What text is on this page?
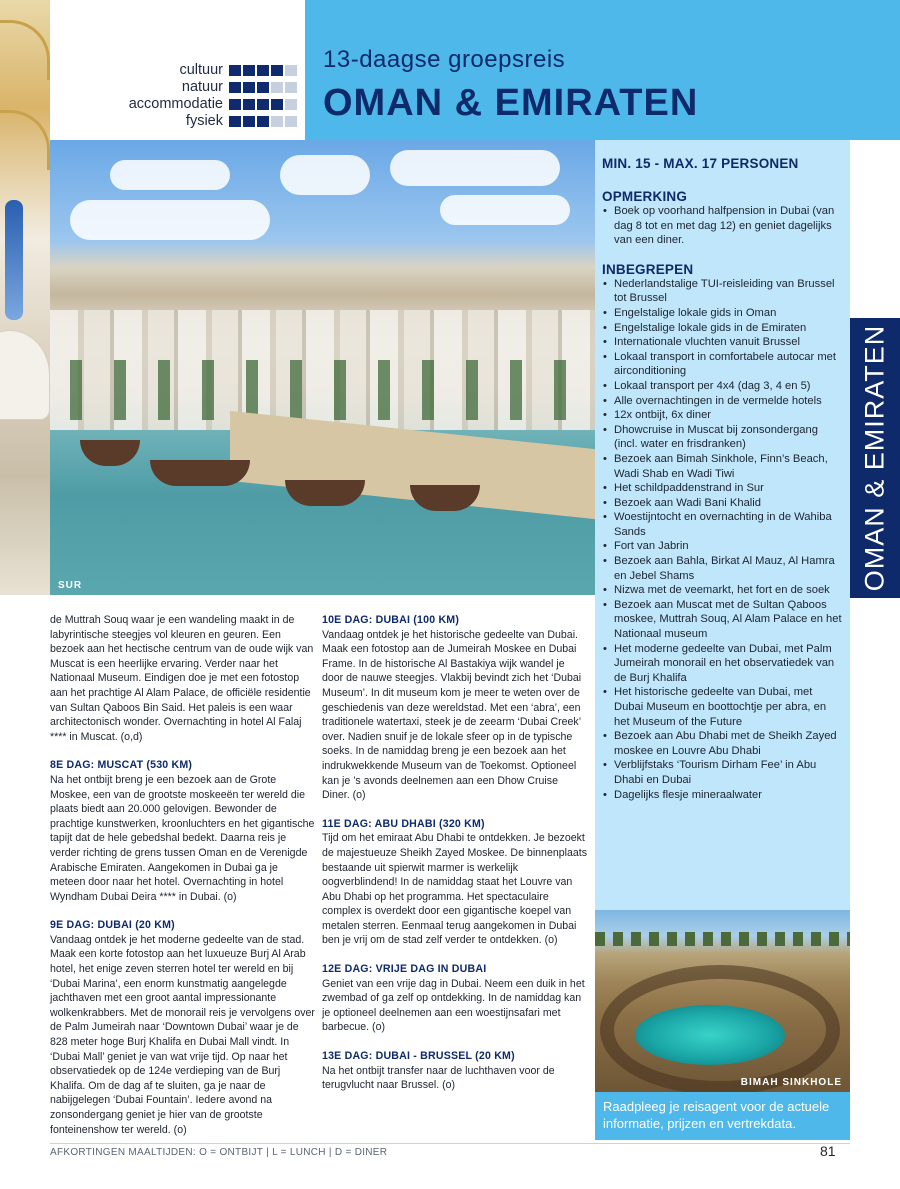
cultuur
natuur
accommodatie
fysiek
13-daagse groepsreis
OMAN & EMIRATEN
SUR
MIN. 15 - MAX. 17 PERSONEN
OPMERKING
• Boek op voorhand halfpension in Dubai (van dag 8 tot en met dag 12) en geniet dagelijks van een diner.
INBEGREPEN
• Nederlandstalige TUI-reisleiding van Brussel tot Brussel
• Engelstalige lokale gids in Oman
• Engelstalige lokale gids in de Emiraten
• Internationale vluchten vanuit Brussel
• Lokaal transport in comfortabele autocar met airconditioning
• Lokaal transport per 4x4 (dag 3, 4 en 5)
• Alle overnachtingen in de vermelde hotels
• 12x ontbijt, 6x diner
• Dhowcruise in Muscat bij zonsondergang (incl. water en frisdranken)
• Bezoek aan Bimah Sinkhole, Finn’s Beach, Wadi Shab en Wadi Tiwi
• Het schildpaddenstrand in Sur
• Bezoek aan Wadi Bani Khalid
• Woestijntocht en overnachting in de Wahiba Sands
• Fort van Jabrin
• Bezoek aan Bahla, Birkat Al Mauz, Al Hamra en Jebel Shams
• Nizwa met de veemarkt, het fort en de soek
• Bezoek aan Muscat met de Sultan Qaboos moskee, Muttrah Souq, Al Alam Palace en het Nationaal museum
• Het moderne gedeelte van Dubai, met Palm Jumeirah monorail en het observatiedek van de Burj Khalifa
• Het historische gedeelte van Dubai, met Dubai Museum en boottochtje per abra, en het Museum of the Future
• Bezoek aan Abu Dhabi met de Sheikh Zayed moskee en Louvre Abu Dhabi
• Verblijfstaks ‘Tourism Dirham Fee’ in Abu Dhabi en Dubai
• Dagelijks flesje mineraalwater
OMAN & EMIRATEN
BIMAH SINKHOLE

Raadpleeg je reisagent voor de actuele informatie, prijzen en vertrekdata.

de Muttrah Souq waar je een wandeling maakt in de labyrintische steegjes vol kleuren en geuren. Een bezoek aan het hectische centrum van de oude wijk van Muscat is een heerlijke ervaring. Verder naar het Nationaal Museum. Eindigen doe je met een fotostop aan het prachtige Al Alam Palace, de officiële residentie van Sultan Qaboos Bin Said. Het paleis is een waar architectonisch wonder. Overnachting in hotel Al Falaj **** in Muscat. (o,d)

8E DAG: MUSCAT (530 KM)

Na het ontbijt breng je een bezoek aan de Grote Moskee, een van de grootste moskeeën ter wereld die plaats biedt aan 20.000 gelovigen. Bewonder de prachtige kunstwerken, kroonluchters en het gigantische tapijt dat de hele gebedshal bedekt. Daarna reis je verder richting de grens tussen Oman en de Verenigde Arabische Emiraten. Aangekomen in Dubai ga je meteen door naar het hotel. Overnachting in hotel Wyndham Dubai Deira **** in Dubai. (o)

9E DAG: DUBAI (20 KM)

Vandaag ontdek je het moderne gedeelte van de stad. Maak een korte fotostop aan het luxueuze Burj Al Arab hotel, het enige zeven sterren hotel ter wereld en bij ‘Dubai Marina’, een enorm kunstmatig aangelegde jachthaven met een groot aantal impressionante wolkenkrabbers. Met de monorail reis je vervolgens over de Palm Jumeirah naar ‘Downtown Dubai’ waar je de 828 meter hoge Burj Khalifa en Dubai Mall vindt. In ‘Dubai Mall’ geniet je van wat vrije tijd. Op naar het observatiedek op de 124e verdieping van de Burj Khalifa. Om de dag af te sluiten, ga je naar de nabijgelegen ‘Dubai Fountain’. Iedere avond na zonsondergang geniet je hier van de grootste fonteinenshow ter wereld. (o)

10E DAG: DUBAI (100 KM)

Vandaag ontdek je het historische gedeelte van Dubai. Maak een fotostop aan de Jumeirah Moskee en Dubai Frame. In de historische Al Bastakiya wijk wandel je door de nauwe steegjes. Vlakbij bevindt zich het ‘Dubai Museum’. In dit museum kom je meer te weten over de geschiedenis van deze wereldstad. Met een ‘abra’, een traditionele watertaxi, steek je de zeearm ‘Dubai Creek’ over. Nadien snuif je de lokale sfeer op in de typische soeks. In de namiddag breng je een bezoek aan het indrukwekkende Museum van de Toekomst. Optioneel kan je ’s avonds deelnemen aan een Dhow Cruise Diner. (o)

11E DAG: ABU DHABI (320 KM)

Tijd om het emiraat Abu Dhabi te ontdekken. Je bezoekt de majestueuze Sheikh Zayed Moskee. De binnenplaats bestaande uit spierwit marmer is werkelijk oogverblindend! In de namiddag staat het Louvre van Abu Dhabi op het programma. Het spectaculaire complex is overdekt door een gigantische koepel van metalen sterren. Eenmaal terug aangekomen in Dubai ben je vrij om de stad zelf verder te ontdekken. (o)

12E DAG: VRIJE DAG IN DUBAI

Geniet van een vrije dag in Dubai. Neem een duik in het zwembad of ga zelf op ontdekking. In de namiddag kan je optioneel deelnemen aan een woestijnsafari met barbecue. (o)

13E DAG: DUBAI - BRUSSEL (20 KM)

Na het ontbijt transfer naar de luchthaven voor de terugvlucht naar Brussel. (o)

AFKORTINGEN MAALTIJDEN: O = ONTBIJT | L = LUNCH | D = DINER	81
